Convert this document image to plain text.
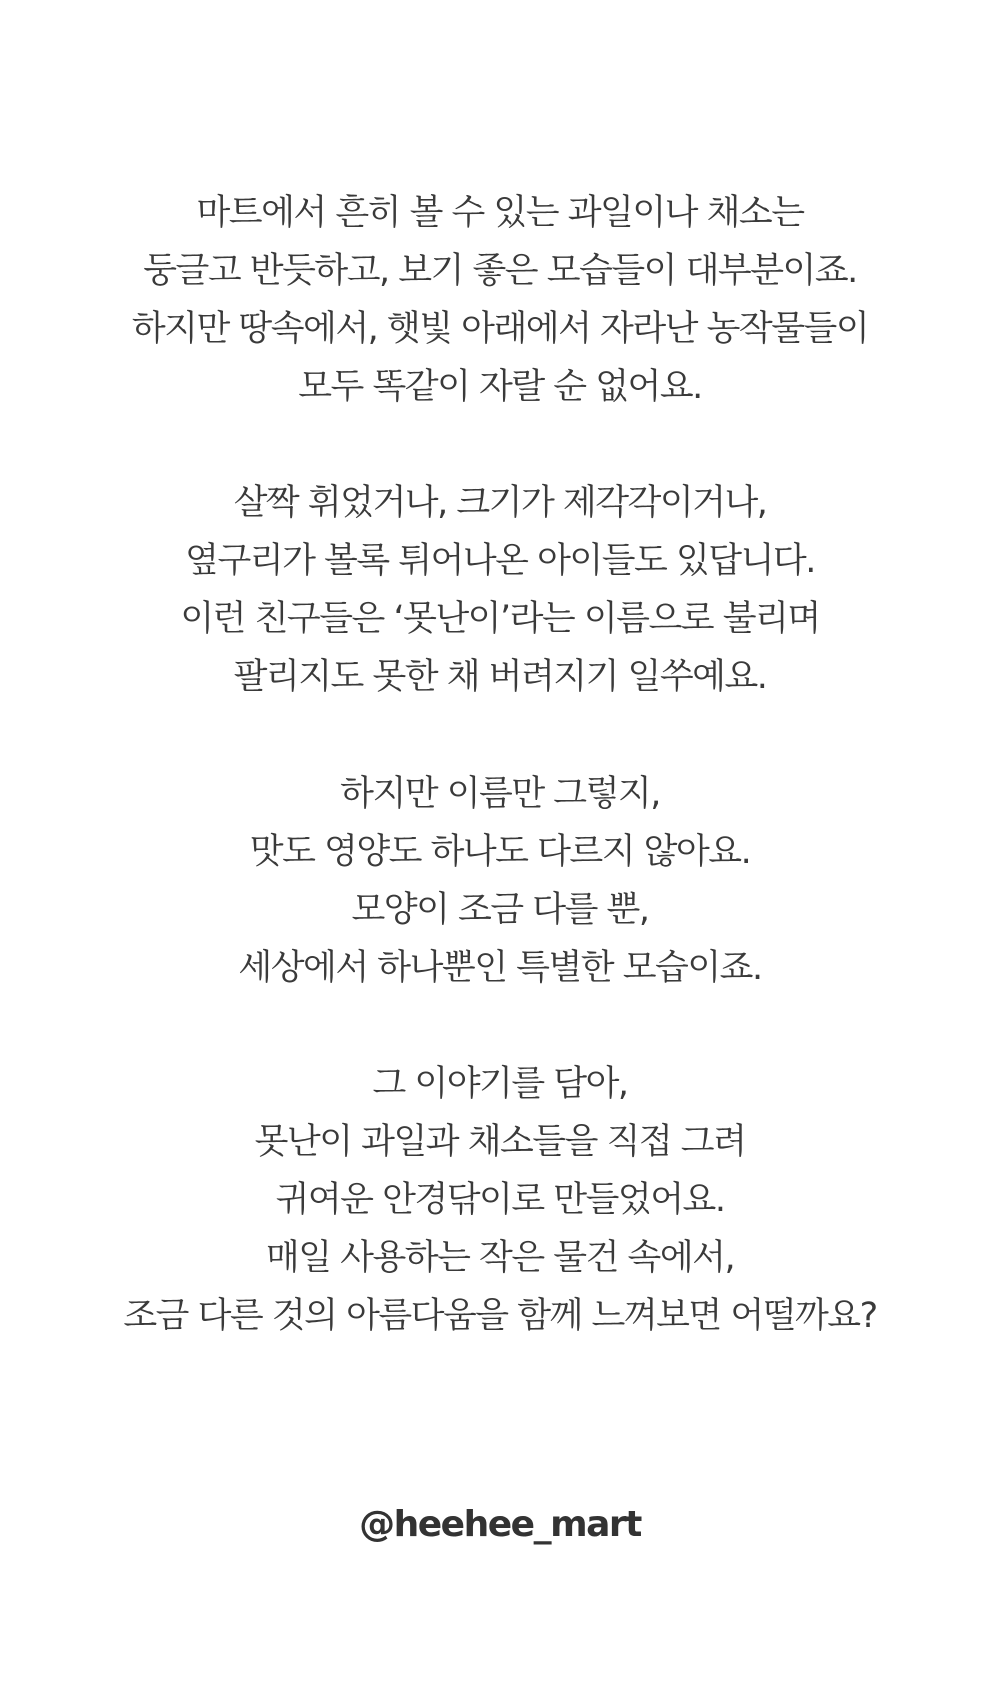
마트에서 흔히 볼 수 있는 과일이나 채소는
둥글고 반듯하고, 보기 좋은 모습들이 대부분이죠.
하지만 땅속에서, 햇빛 아래에서 자라난 농작물들이
모두 똑같이 자랄 순 없어요.
살짝 휘었거나, 크기가 제각각이거나,
옆구리가 볼록 튀어나온 아이들도 있답니다.
이런 친구들은 ‘못난이’라는 이름으로 불리며
팔리지도 못한 채 버려지기 일쑤예요.
하지만 이름만 그렇지,
맛도 영양도 하나도 다르지 않아요.
모양이 조금 다를 뿐,
세상에서 하나뿐인 특별한 모습이죠.
그 이야기를 담아,
못난이 과일과 채소들을 직접 그려
귀여운 안경닦이로 만들었어요.
매일 사용하는 작은 물건 속에서,
조금 다른 것의 아름다움을 함께 느껴보면 어떨까요?
@heehee_mart
